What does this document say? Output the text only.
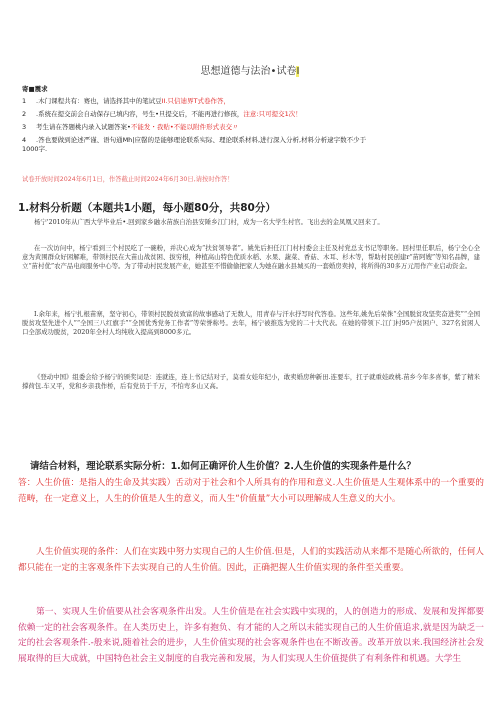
思想道德与法治•试卷I
寄■震求
1 .木门课程共有：赛也，请选择其中的笔试豆II.只信迪界T式卷作答，
2 .系统在提交前会自动保存已填内容，号生•旦提交后，不能再进行修孩，注意:只可提交1次！
3 考生请在答题桃内录入试题答案•不能发・我贴•不能以附件形式表交〃
4 .答也要做到论述严谨、语句通Mh|应罄的是能够理论联系实际、理论联系材料,进行深入分析,材料分析逮字数不少于
1000字.
试卷开放时间2024年6月1日，作答截止时间2024年6月30日,请按时作答！
1.材料分析题（本题共1小题，每小题80分，共80分）
杨宁'2010年从广西大学毕业后•.回到家乡融水苗族自治县安陲乡江门村，成为一名大学生村官。飞出去的金凤凰又回来了。
在一次访问中，杨宁看到三个村民吃了一碗粉，并决心成为“扶贫领导者”。姚先后担任江门村村委会主任及村党总支书记等职务。回村里任职后，杨宁全心全意为黄围群众好困解难，带领村民在大苗山战贫困、拔穷根，种植高山特色优质水稻、水果、蔬菜、香菇、木耳、杉木等，帮助村民创建r“苗阿嫂”等知名品牌，建立“苗村优”农产品电商服务中心等。为了带动村民发展产业，她甚至不惜偷偷把家人为她在融水县城买的一套婚房卖掉，将所得的30多万元用作产业启动资金。
I.余年来，杨宁扎根苗寨，坚守初心，带领村民脱贫致富的故事感动了无数人，用青春与汗水抒写时代答卷。这些年,姚先后荣侏“全国脱贫攻坚奖奋进奖”“全国脱贫攻坚先进个人”“全国三八红旗手”“全国优秀党务工作者”等荣誉称号。去年，杨宁被推选为党的二十大代表。在她的带领下.江门村95户贫困户、327名贫困人口全部成功脱贫，2020年全村人均纯收入提高到8000多元。
《登动中国》组委会给予杨宁的颁奖词是：连就连，连上书记结对子，莫看女娃年纪小，敢卖婚房种新田.连要车，扛子就重娃政桃.苗乡今年多喜事，紫了精米撑荷包.车又平，党和乡亲我作桥，后有党员于千万，不怕弯多山又高。
请结合材料，理论联系实际分析：1.如何正确评价人生价值？2.人生价值的实现条件是什么？
答：人生价值：是指人的生命及其实践）舌动对于社会和个人所具有的作用和意义.人生价值是人生观体系中的一个重要的范畴，在一定意义上，人生的价值是人生的意义，而人生“价值量”大小可以理解成人生意义的大小。
人生价值实现的条件：人们在实践中努力实现自己的人生价值.但是，人们的实践活动从来都不是随心所欲的，任何人都只能在一定的主客观条件下去实现自己的人生价值。因此，正确把握人生价值实现的条件至关重要。
第一、实现人生价值要从社会客观条件出发。人生价值是在社会实践中实现的，人的创造力的形成、发展和发挥都要依赖一定的社会客观条件。在人类历史上，许多有抱负、有才能的人之所以未能实现自己的人生价值追求,就是因为缺乏一定的社会客观条件.-般来说,随着社会的进步，人生价值实现的社会客观条件也在不断改善。改革开放以来.我国经济社会发展取得的巨大成就，中国特色社会主义制度的自我完善和发展，为人们实现人生价值提供了有利条件和机遇。大学生
